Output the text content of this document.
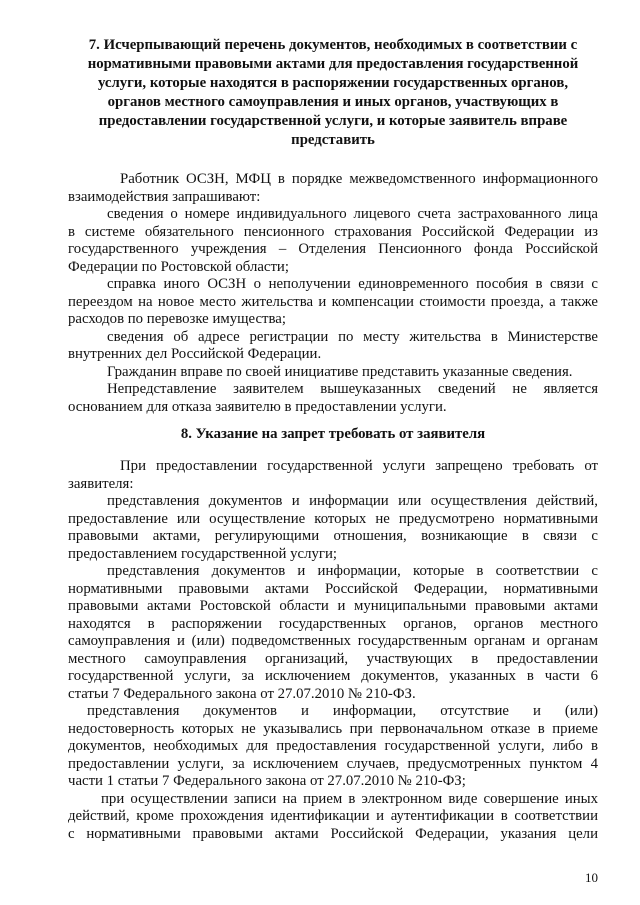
7. Исчерпывающий перечень документов, необходимых в соответствии с
нормативными правовыми актами для предоставления государственной
услуги, которые находятся в распоряжении государственных органов,
органов местного самоуправления и иных органов, участвующих в
предоставлении государственной услуги, и которые заявитель вправе
представить
Работник ОСЗН, МФЦ в порядке межведомственного информационного
взаимодействия запрашивают:
сведения о номере индивидуального лицевого счета застрахованного лица
в системе обязательного пенсионного страхования Российской Федерации из
государственного учреждения – Отделения Пенсионного фонда Российской
Федерации по Ростовской области;
справка иного ОСЗН о неполучении единовременного пособия в связи с
переездом на новое место жительства и компенсации стоимости проезда, а также
расходов по перевозке имущества;
сведения об адресе регистрации по месту жительства в Министерстве
внутренних дел Российской Федерации.
Гражданин вправе по своей инициативе представить указанные сведения.
Непредставление заявителем вышеуказанных сведений не является
основанием для отказа заявителю в предоставлении услуги.
8. Указание на запрет требовать от заявителя
При предоставлении государственной услуги запрещено требовать от
заявителя:
представления документов и информации или осуществления действий,
предоставление или осуществление которых не предусмотрено нормативными
правовыми актами, регулирующими отношения, возникающие в связи с
предоставлением государственной услуги;
представления документов и информации, которые в соответствии с
нормативными правовыми актами Российской Федерации, нормативными
правовыми актами Ростовской области и муниципальными правовыми актами
находятся в распоряжении государственных органов, органов местного
самоуправления и (или) подведомственных государственным органам и органам
местного самоуправления организаций, участвующих в предоставлении
государственной услуги, за исключением документов, указанных в части 6
статьи 7 Федерального закона от 27.07.2010 № 210-ФЗ.
представления документов и информации, отсутствие и (или)
недостоверность которых не указывались при первоначальном отказе в приеме
документов, необходимых для предоставления государственной услуги, либо в
предоставлении услуги, за исключением случаев, предусмотренных пунктом 4
части 1 статьи 7 Федерального закона от 27.07.2010 № 210-ФЗ;
при осуществлении записи на прием в электронном виде совершение иных
действий, кроме прохождения идентификации и аутентификации в соответствии
с нормативными правовыми актами Российской Федерации, указания цели
10
